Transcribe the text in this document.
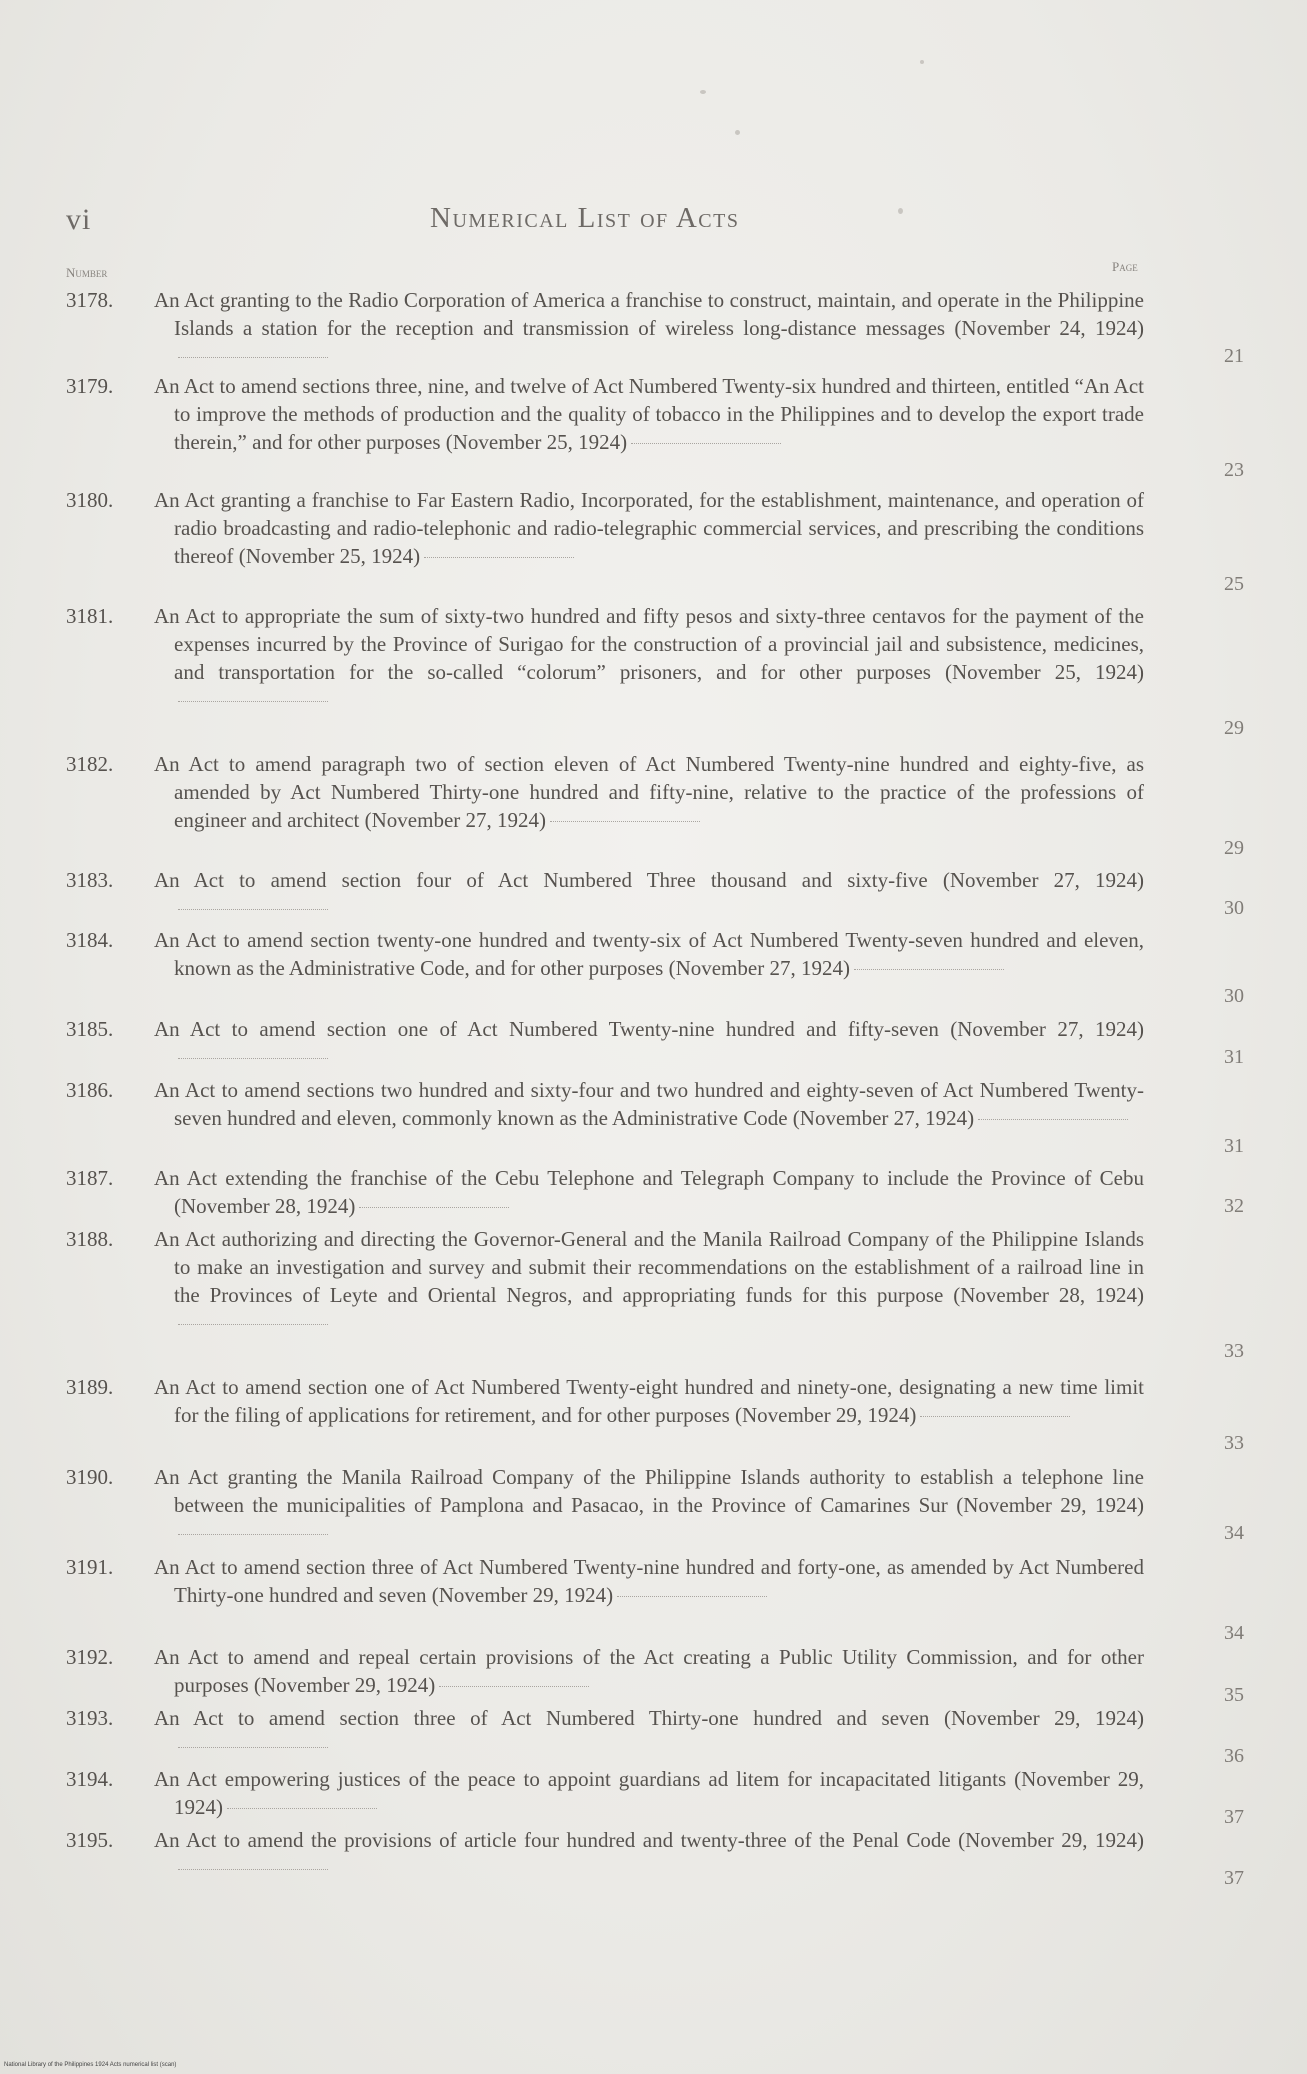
vi	Numerical List of Acts
Number	Page
3178.	An Act granting to the Radio Corporation of America a franchise to construct, maintain, and operate in the Philippine Islands a station for the reception and transmission of wireless long-distance messages (November 24, 1924)
21
3179.	An Act to amend sections three, nine, and twelve of Act Numbered Twenty-six hundred and thirteen, entitled “An Act to improve the methods of production and the quality of tobacco in the Philippines and to develop the export trade therein,” and for other purposes (November 25, 1924)
23
3180.	An Act granting a franchise to Far Eastern Radio, Incorporated, for the establishment, maintenance, and operation of radio broadcasting and radio-telephonic and radio-telegraphic commercial services, and prescribing the conditions thereof (November 25, 1924)
25
3181.	An Act to appropriate the sum of sixty-two hundred and fifty pesos and sixty-three centavos for the payment of the expenses incurred by the Province of Surigao for the construction of a provincial jail and subsistence, medicines, and transportation for the so-called “colorum” prisoners, and for other purposes (November 25, 1924)
29
3182.	An Act to amend paragraph two of section eleven of Act Numbered Twenty-nine hundred and eighty-five, as amended by Act Numbered Thirty-one hundred and fifty-nine, relative to the practice of the professions of engineer and architect (November 27, 1924)
29
3183.	An Act to amend section four of Act Numbered Three thousand and sixty-five (November 27, 1924)
30
3184.	An Act to amend section twenty-one hundred and twenty-six of Act Numbered Twenty-seven hundred and eleven, known as the Administrative Code, and for other purposes (November 27, 1924)
30
3185.	An Act to amend section one of Act Numbered Twenty-nine hundred and fifty-seven (November 27, 1924)
31
3186.	An Act to amend sections two hundred and sixty-four and two hundred and eighty-seven of Act Numbered Twenty-seven hundred and eleven, commonly known as the Administrative Code (November 27, 1924)
31
3187.	An Act extending the franchise of the Cebu Telephone and Telegraph Company to include the Province of Cebu (November 28, 1924)	32
3188.	An Act authorizing and directing the Governor-General and the Manila Railroad Company of the Philippine Islands to make an investigation and survey and submit their recommendations on the establishment of a railroad line in the Provinces of Leyte and Oriental Negros, and appropriating funds for this purpose (November 28, 1924)
33
3189.	An Act to amend section one of Act Numbered Twenty-eight hundred and ninety-one, designating a new time limit for the filing of applications for retirement, and for other purposes (November 29, 1924)
33
3190.	An Act granting the Manila Railroad Company of the Philippine Islands authority to establish a telephone line between the municipalities of Pamplona and Pasacao, in the Province of Camarines Sur (November 29, 1924)
34
3191.	An Act to amend section three of Act Numbered Twenty-nine hundred and forty-one, as amended by Act Numbered Thirty-one hundred and seven (November 29, 1924)
34
3192.	An Act to amend and repeal certain provisions of the Act creating a Public Utility Commission, and for other purposes (November 29, 1924)	35
3193.	An Act to amend section three of Act Numbered Thirty-one hundred and seven (November 29, 1924)
36
3194.	An Act empowering justices of the peace to appoint guardians ad litem for incapacitated litigants (November 29, 1924)	37
3195.	An Act to amend the provisions of article four hundred and twenty-three of the Penal Code (November 29, 1924)
37
National Library of the Philippines 1924 Acts numerical list (scan)
